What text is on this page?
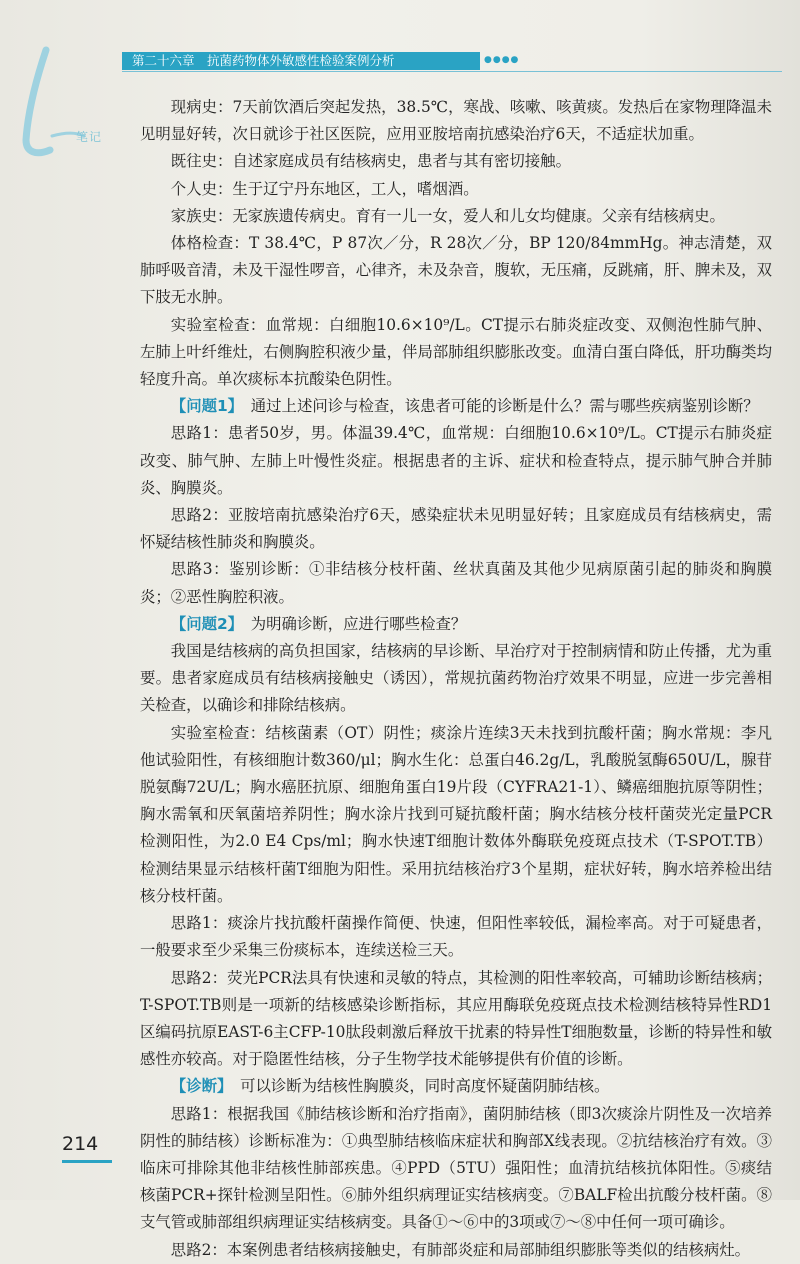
笔记
第二十六章　抗菌药物体外敏感性检验案例分析	●●●●

现病史：7天前饮酒后突起发热，38.5℃，寒战、咳嗽、咳黄痰。发热后在家物理降温未见明显好转，次日就诊于社区医院，应用亚胺培南抗感染治疗6天，不适症状加重。

既往史：自述家庭成员有结核病史，患者与其有密切接触。

个人史：生于辽宁丹东地区，工人，嗜烟酒。

家族史：无家族遗传病史。育有一儿一女，爱人和儿女均健康。父亲有结核病史。

体格检查：T 38.4℃，P 87次／分，R 28次／分，BP 120/84mmHg。神志清楚，双肺呼吸音清，未及干湿性啰音，心律齐，未及杂音，腹软，无压痛，反跳痛，肝、脾未及，双下肢无水肿。

实验室检查：血常规：白细胞10.6×10⁹/L。CT提示右肺炎症改变、双侧泡性肺气肿、左肺上叶纤维灶，右侧胸腔积液少量，伴局部肺组织膨胀改变。血清白蛋白降低，肝功酶类均轻度升高。单次痰标本抗酸染色阴性。

【问题1】　通过上述问诊与检查，该患者可能的诊断是什么？需与哪些疾病鉴别诊断？

思路1：患者50岁，男。体温39.4℃，血常规：白细胞10.6×10⁹/L。CT提示右肺炎症改变、肺气肿、左肺上叶慢性炎症。根据患者的主诉、症状和检查特点，提示肺气肿合并肺炎、胸膜炎。

思路2：亚胺培南抗感染治疗6天，感染症状未见明显好转；且家庭成员有结核病史，需怀疑结核性肺炎和胸膜炎。

思路3：鉴别诊断：①非结核分枝杆菌、丝状真菌及其他少见病原菌引起的肺炎和胸膜炎；②恶性胸腔积液。

【问题2】　为明确诊断，应进行哪些检查？

我国是结核病的高负担国家，结核病的早诊断、早治疗对于控制病情和防止传播，尤为重要。患者家庭成员有结核病接触史（诱因），常规抗菌药物治疗效果不明显，应进一步完善相关检查，以确诊和排除结核病。

实验室检查：结核菌素（OT）阴性；痰涂片连续3天未找到抗酸杆菌；胸水常规：李凡他试验阳性，有核细胞计数360/μl；胸水生化：总蛋白46.2g/L，乳酸脱氢酶650U/L，腺苷脱氨酶72U/L；胸水癌胚抗原、细胞角蛋白19片段（CYFRA21-1）、鳞癌细胞抗原等阴性；胸水需氧和厌氧菌培养阴性；胸水涂片找到可疑抗酸杆菌；胸水结核分枝杆菌荧光定量PCR检测阳性，为2.0 E4 Cps/ml；胸水快速T细胞计数体外酶联免疫斑点技术（T-SPOT.TB）检测结果显示结核杆菌T细胞为阳性。采用抗结核治疗3个星期，症状好转，胸水培养检出结核分枝杆菌。

思路1：痰涂片找抗酸杆菌操作简便、快速，但阳性率较低，漏检率高。对于可疑患者，一般要求至少采集三份痰标本，连续送检三天。

思路2：荧光PCR法具有快速和灵敏的特点，其检测的阳性率较高，可辅助诊断结核病；T-SPOT.TB则是一项新的结核感染诊断指标，其应用酶联免疫斑点技术检测结核特异性RD1区编码抗原EAST-6主CFP-10肽段刺激后释放干扰素的特异性T细胞数量，诊断的特异性和敏感性亦较高。对于隐匿性结核，分子生物学技术能够提供有价值的诊断。

【诊断】　可以诊断为结核性胸膜炎，同时高度怀疑菌阴肺结核。

思路1：根据我国《肺结核诊断和治疗指南》，菌阴肺结核（即3次痰涂片阴性及一次培养阴性的肺结核）诊断标准为：①典型肺结核临床症状和胸部X线表现。②抗结核治疗有效。③临床可排除其他非结核性肺部疾患。④PPD（5TU）强阳性；血清抗结核抗体阳性。⑤痰结核菌PCR+探针检测呈阳性。⑥肺外组织病理证实结核病变。⑦BALF检出抗酸分枝杆菌。⑧支气管或肺部组织病理证实结核病变。具备①～⑥中的3项或⑦～⑧中任何一项可确诊。

思路2：本案例患者结核病接触史，有肺部炎症和局部肺组织膨胀等类似的结核病灶。

214
